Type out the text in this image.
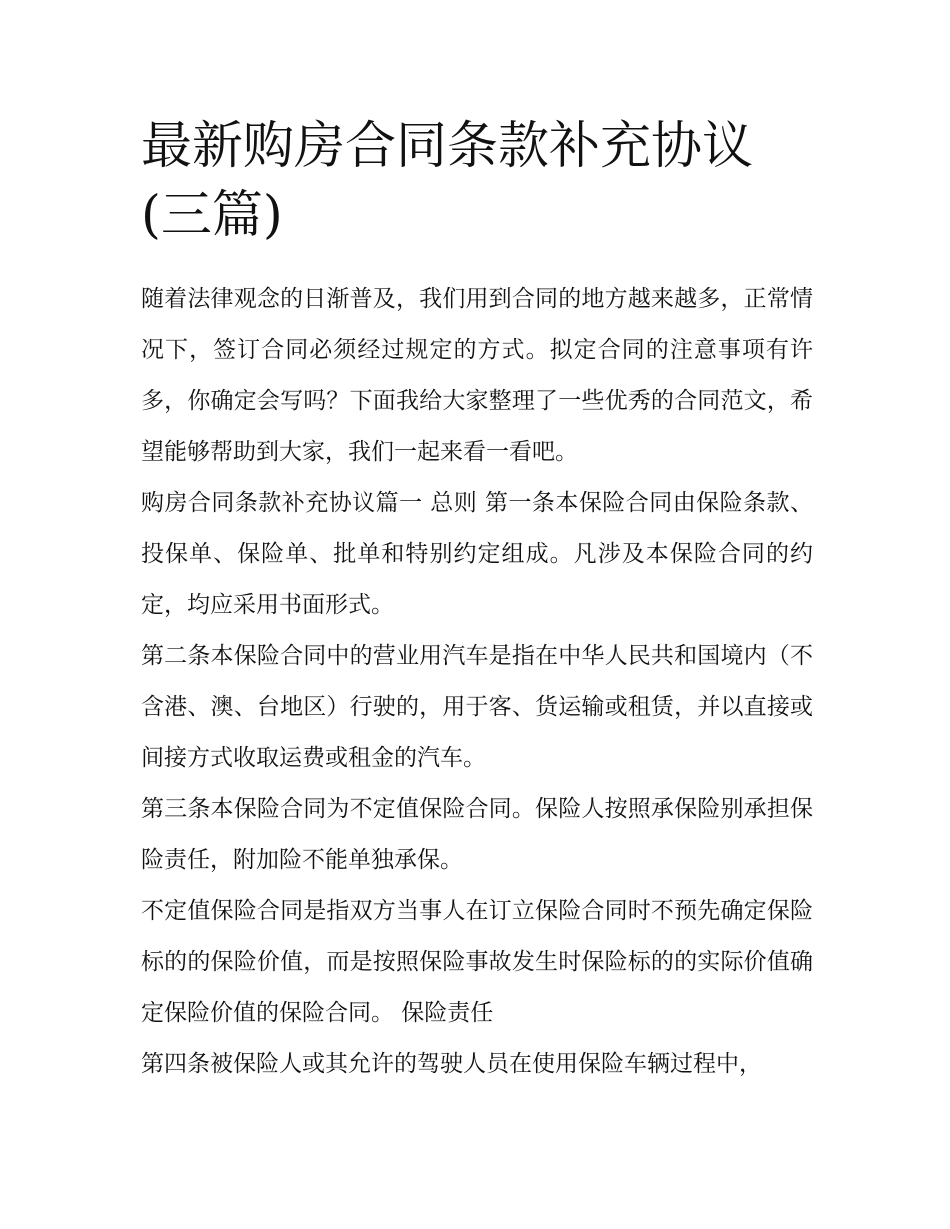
最新购房合同条款补充协议(三篇)

随着法律观念的日渐普及，我们用到合同的地方越来越多，正常情况下，签订合同必须经过规定的方式。拟定合同的注意事项有许多，你确定会写吗？下面我给大家整理了一些优秀的合同范文，希望能够帮助到大家，我们一起来看一看吧。

购房合同条款补充协议篇一 总则 第一条本保险合同由保险条款、投保单、保险单、批单和特别约定组成。凡涉及本保险合同的约定，均应采用书面形式。

第二条本保险合同中的营业用汽车是指在中华人民共和国境内（不含港、澳、台地区）行驶的，用于客、货运输或租赁，并以直接或间接方式收取运费或租金的汽车。

第三条本保险合同为不定值保险合同。保险人按照承保险别承担保险责任，附加险不能单独承保。

不定值保险合同是指双方当事人在订立保险合同时不预先确定保险标的的保险价值，而是按照保险事故发生时保险标的的实际价值确定保险价值的保险合同。 保险责任

第四条被保险人或其允许的驾驶人员在使用保险车辆过程中，
